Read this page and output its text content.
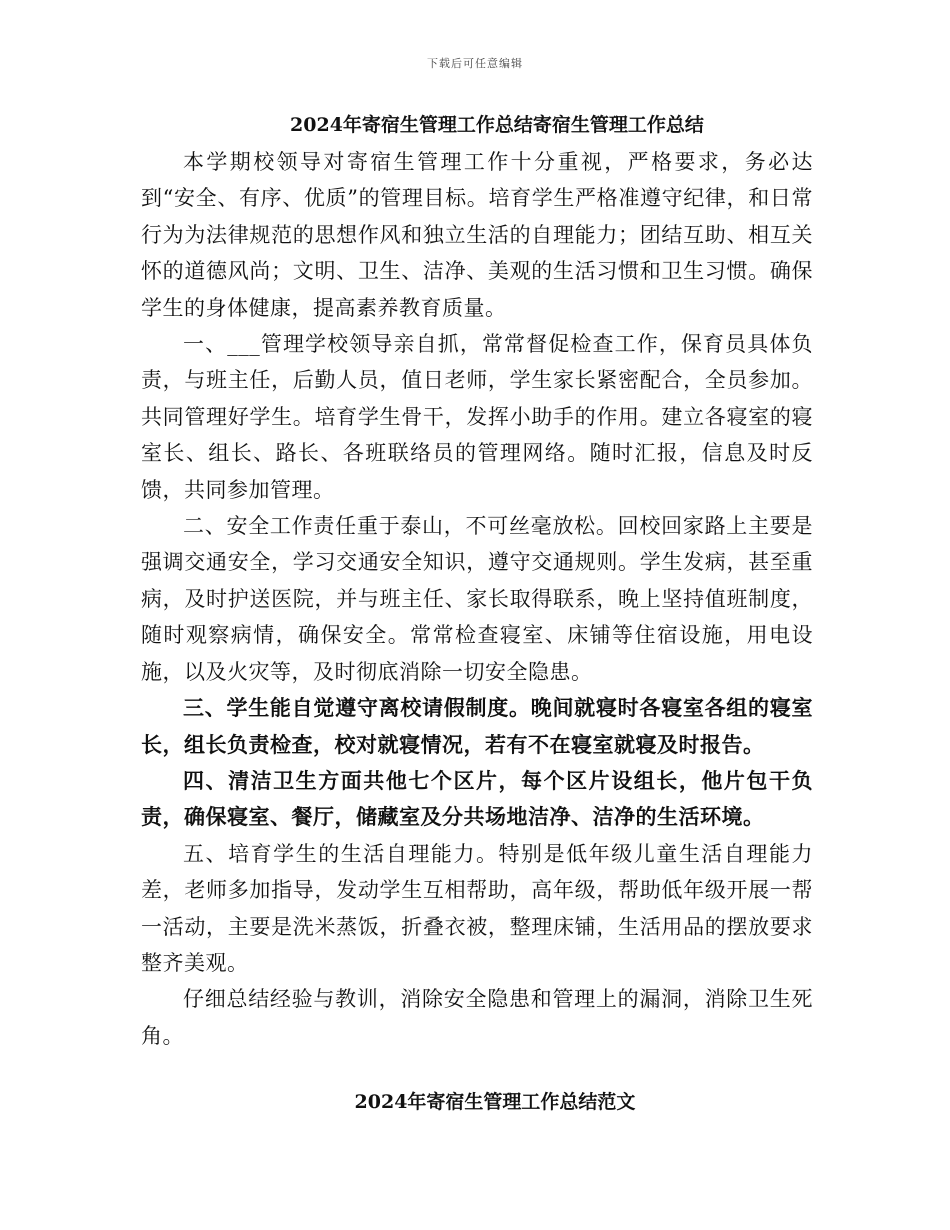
下载后可任意编辑
2024年寄宿生管理工作总结寄宿生管理工作总结

本学期校领导对寄宿生管理工作十分重视，严格要求，务必达到“安全、有序、优质”的管理目标。培育学生严格准遵守纪律，和日常行为为法律规范的思想作风和独立生活的自理能力；团结互助、相互关怀的道德风尚；文明、卫生、洁净、美观的生活习惯和卫生习惯。确保学生的身体健康，提高素养教育质量。

一、___管理学校领导亲自抓，常常督促检查工作，保育员具体负责，与班主任，后勤人员，值日老师，学生家长紧密配合，全员参加。共同管理好学生。培育学生骨干，发挥小助手的作用。建立各寝室的寝室长、组长、路长、各班联络员的管理网络。随时汇报，信息及时反馈，共同参加管理。

二、安全工作责任重于泰山，不可丝毫放松。回校回家路上主要是强调交通安全，学习交通安全知识，遵守交通规则。学生发病，甚至重病，及时护送医院，并与班主任、家长取得联系，晚上坚持值班制度，随时观察病情，确保安全。常常检查寝室、床铺等住宿设施，用电设施，以及火灾等，及时彻底消除一切安全隐患。

三、学生能自觉遵守离校请假制度。晚间就寝时各寝室各组的寝室长，组长负责检查，校对就寝情况，若有不在寝室就寝及时报告。

四、清洁卫生方面共他七个区片，每个区片设组长，他片包干负责，确保寝室、餐厅，储藏室及分共场地洁净、洁净的生活环境。

五、培育学生的生活自理能力。特别是低年级儿童生活自理能力差，老师多加指导，发动学生互相帮助，高年级，帮助低年级开展一帮一活动，主要是洗米蒸饭，折叠衣被，整理床铺，生活用品的摆放要求整齐美观。

仔细总结经验与教训，消除安全隐患和管理上的漏洞，消除卫生死角。

2024年寄宿生管理工作总结范文
